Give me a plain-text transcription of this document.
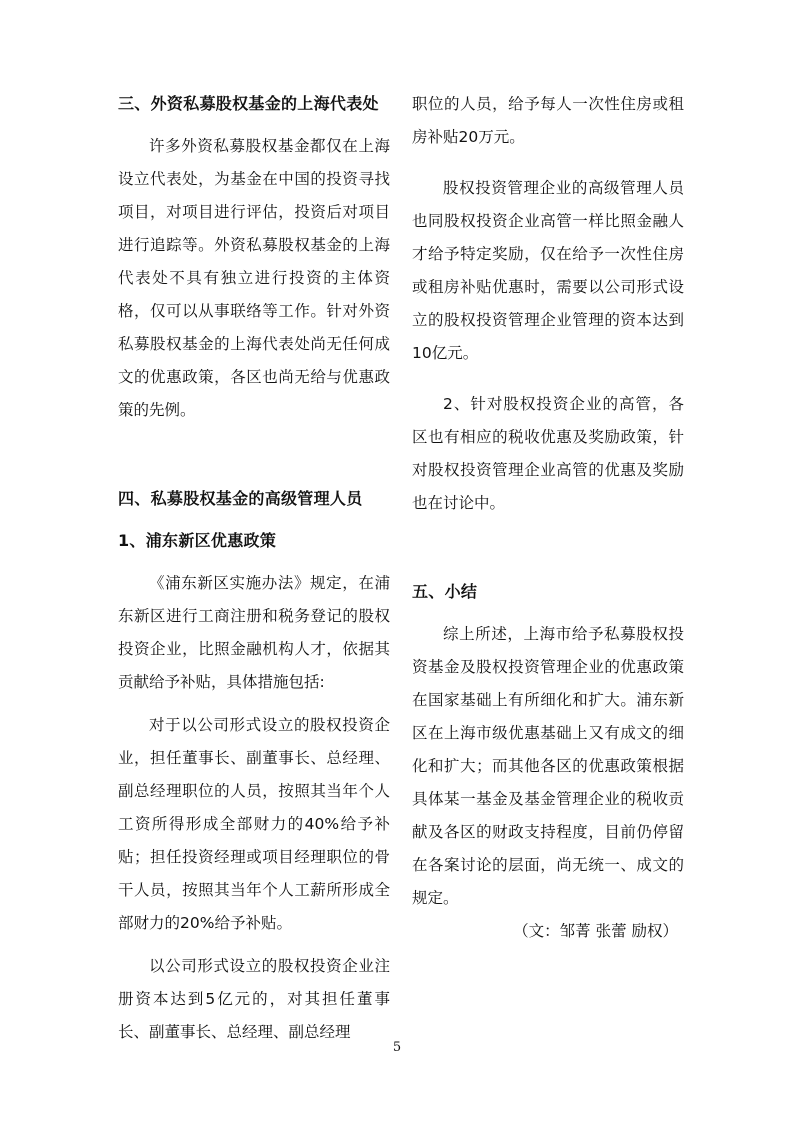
三、外资私募股权基金的上海代表处

许多外资私募股权基金都仅在上海设立代表处，为基金在中国的投资寻找项目，对项目进行评估，投资后对项目进行追踪等。外资私募股权基金的上海代表处不具有独立进行投资的主体资格，仅可以从事联络等工作。针对外资私募股权基金的上海代表处尚无任何成文的优惠政策，各区也尚无给与优惠政策的先例。

四、私募股权基金的高级管理人员
1、浦东新区优惠政策

《浦东新区实施办法》规定，在浦东新区进行工商注册和税务登记的股权投资企业，比照金融机构人才，依据其贡献给予补贴，具体措施包括:

对于以公司形式设立的股权投资企业，担任董事长、副董事长、总经理、副总经理职位的人员，按照其当年个人工资所得形成全部财力的40%给予补贴；担任投资经理或项目经理职位的骨干人员，按照其当年个人工薪所形成全部财力的20%给予补贴。

以公司形式设立的股权投资企业注册资本达到5亿元的，对其担任董事长、副董事长、总经理、副总经理

职位的人员，给予每人一次性住房或租房补贴20万元。

股权投资管理企业的高级管理人员也同股权投资企业高管一样比照金融人才给予特定奖励，仅在给予一次性住房或租房补贴优惠时，需要以公司形式设立的股权投资管理企业管理的资本达到10亿元。

2、针对股权投资企业的高管，各区也有相应的税收优惠及奖励政策，针对股权投资管理企业高管的优惠及奖励也在讨论中。

五、小结

综上所述，上海市给予私募股权投资基金及股权投资管理企业的优惠政策在国家基础上有所细化和扩大。浦东新区在上海市级优惠基础上又有成文的细化和扩大；而其他各区的优惠政策根据具体某一基金及基金管理企业的税收贡献及各区的财政支持程度，目前仍停留在各案讨论的层面，尚无统一、成文的规定。

（文：邹菁 张蕾 励权）

5
